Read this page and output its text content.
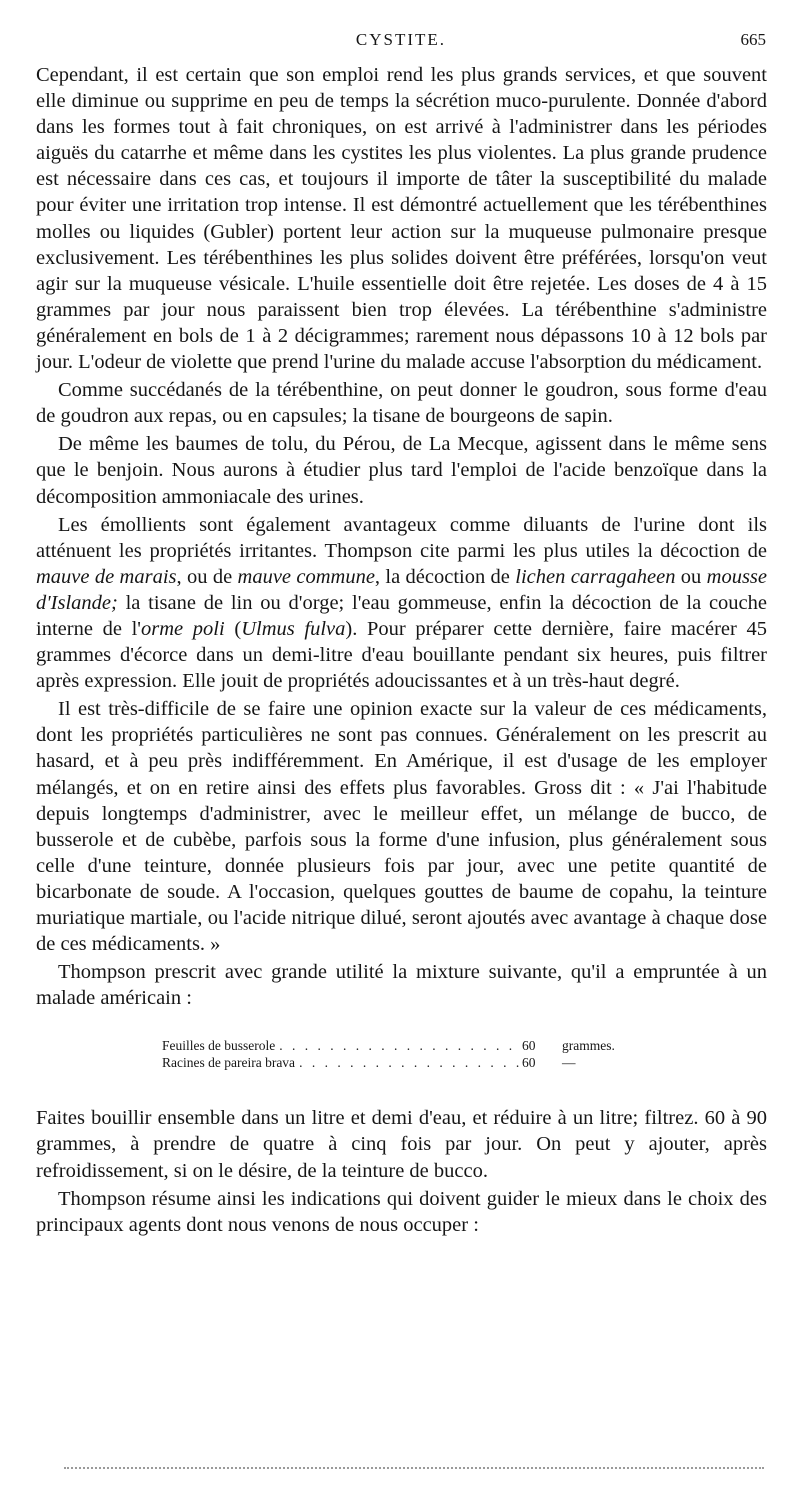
CYSTITE.	665

Cependant, il est certain que son emploi rend les plus grands services, et que souvent elle diminue ou supprime en peu de temps la sécrétion muco-purulente. Donnée d'abord dans les formes tout à fait chroniques, on est arrivé à l'administrer dans les périodes aiguës du catarrhe et même dans les cystites les plus violentes. La plus grande prudence est nécessaire dans ces cas, et toujours il importe de tâter la susceptibilité du malade pour éviter une irritation trop intense. Il est démontré actuellement que les térébenthines molles ou liquides (Gubler) portent leur action sur la muqueuse pulmonaire presque exclusivement. Les térébenthines les plus solides doivent être préférées, lorsqu'on veut agir sur la muqueuse vésicale. L'huile essentielle doit être rejetée. Les doses de 4 à 15 grammes par jour nous paraissent bien trop élevées. La térébenthine s'administre généralement en bols de 1 à 2 décigrammes; rarement nous dépassons 10 à 12 bols par jour. L'odeur de violette que prend l'urine du malade accuse l'absorption du médicament.

Comme succédanés de la térébenthine, on peut donner le goudron, sous forme d'eau de goudron aux repas, ou en capsules; la tisane de bourgeons de sapin.

De même les baumes de tolu, du Pérou, de La Mecque, agissent dans le même sens que le benjoin. Nous aurons à étudier plus tard l'emploi de l'acide benzoïque dans la décomposition ammoniacale des urines.

Les émollients sont également avantageux comme diluants de l'urine dont ils atténuent les propriétés irritantes. Thompson cite parmi les plus utiles la décoction de mauve de marais, ou de mauve commune, la décoction de lichen carragaheen ou mousse d'Islande; la tisane de lin ou d'orge; l'eau gommeuse, enfin la décoction de la couche interne de l'orme poli (Ulmus fulva). Pour préparer cette dernière, faire macérer 45 grammes d'écorce dans un demi-litre d'eau bouillante pendant six heures, puis filtrer après expression. Elle jouit de propriétés adoucissantes et à un très-haut degré.

Il est très-difficile de se faire une opinion exacte sur la valeur de ces médicaments, dont les propriétés particulières ne sont pas connues. Généralement on les prescrit au hasard, et à peu près indifféremment. En Amérique, il est d'usage de les employer mélangés, et on en retire ainsi des effets plus favorables. Gross dit : « J'ai l'habitude depuis longtemps d'administrer, avec le meilleur effet, un mélange de bucco, de busserole et de cubèbe, parfois sous la forme d'une infusion, plus généralement sous celle d'une teinture, donnée plusieurs fois par jour, avec une petite quantité de bicarbonate de soude. A l'occasion, quelques gouttes de baume de copahu, la teinture muriatique martiale, ou l'acide nitrique dilué, seront ajoutés avec avantage à chaque dose de ces médicaments. »

Thompson prescrit avec grande utilité la mixture suivante, qu'il a empruntée à un malade américain :

Feuilles de busserole . . .	60	grammes.
Racines de pareira brava . . .	60	—

Faites bouillir ensemble dans un litre et demi d'eau, et réduire à un litre; filtrez. 60 à 90 grammes, à prendre de quatre à cinq fois par jour. On peut y ajouter, après refroidissement, si on le désire, de la teinture de bucco.

Thompson résume ainsi les indications qui doivent guider le mieux dans le choix des principaux agents dont nous venons de nous occuper :
